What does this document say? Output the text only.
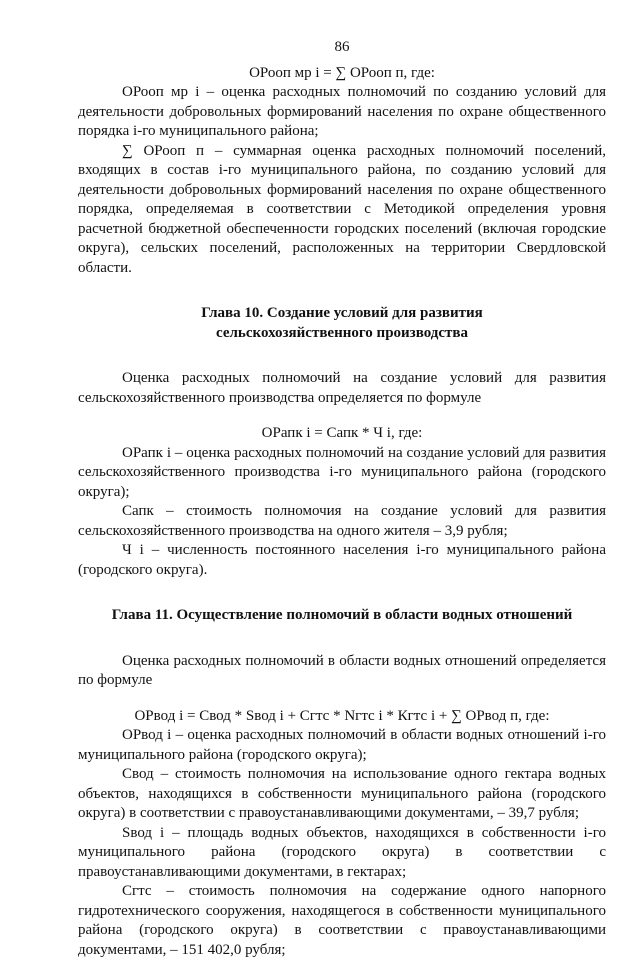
86

ОРооп мр i = ∑ ОРооп п, где:

ОРооп мр i – оценка расходных полномочий по созданию условий для деятельности добровольных формирований населения по охране общественного порядка i-го муниципального района;

∑ ОРооп п – суммарная оценка расходных полномочий поселений, входящих в состав i-го муниципального района, по созданию условий для деятельности добровольных формирований населения по охране общественного порядка, определяемая в соответствии с Методикой определения уровня расчетной бюджетной обеспеченности городских поселений (включая городские округа), сельских поселений, расположенных на территории Свердловской области.

Глава 10. Создание условий для развития

сельскохозяйственного производства

Оценка расходных полномочий на создание условий для развития сельскохозяйственного производства определяется по формуле

ОРапк i = Сапк * Ч i, где:

ОРапк i – оценка расходных полномочий на создание условий для развития сельскохозяйственного производства i-го муниципального района (городского округа);

Сапк – стоимость полномочия на создание условий для развития сельскохозяйственного производства на одного жителя – 3,9 рубля;

Ч i – численность постоянного населения i-го муниципального района (городского округа).

Глава 11. Осуществление полномочий в области водных отношений

Оценка расходных полномочий в области водных отношений определяется по формуле

ОРвод i = Свод * Sвод i + Сгтс * Nгтс i * Кгтс i + ∑ ОРвод п, где:

ОРвод i – оценка расходных полномочий в области водных отношений i-го муниципального района (городского округа);

Свод – стоимость полномочия на использование одного гектара водных объектов, находящихся в собственности муниципального района (городского округа) в соответствии с правоустанавливающими документами, – 39,7 рубля;

Sвод i – площадь водных объектов, находящихся в собственности i-го муниципального района (городского округа) в соответствии с правоустанавливающими документами, в гектарах;

Сгтс – стоимость полномочия на содержание одного напорного гидротехнического сооружения, находящегося в собственности муниципального района (городского округа) в соответствии с правоустанавливающими документами, – 151 402,0 рубля;
